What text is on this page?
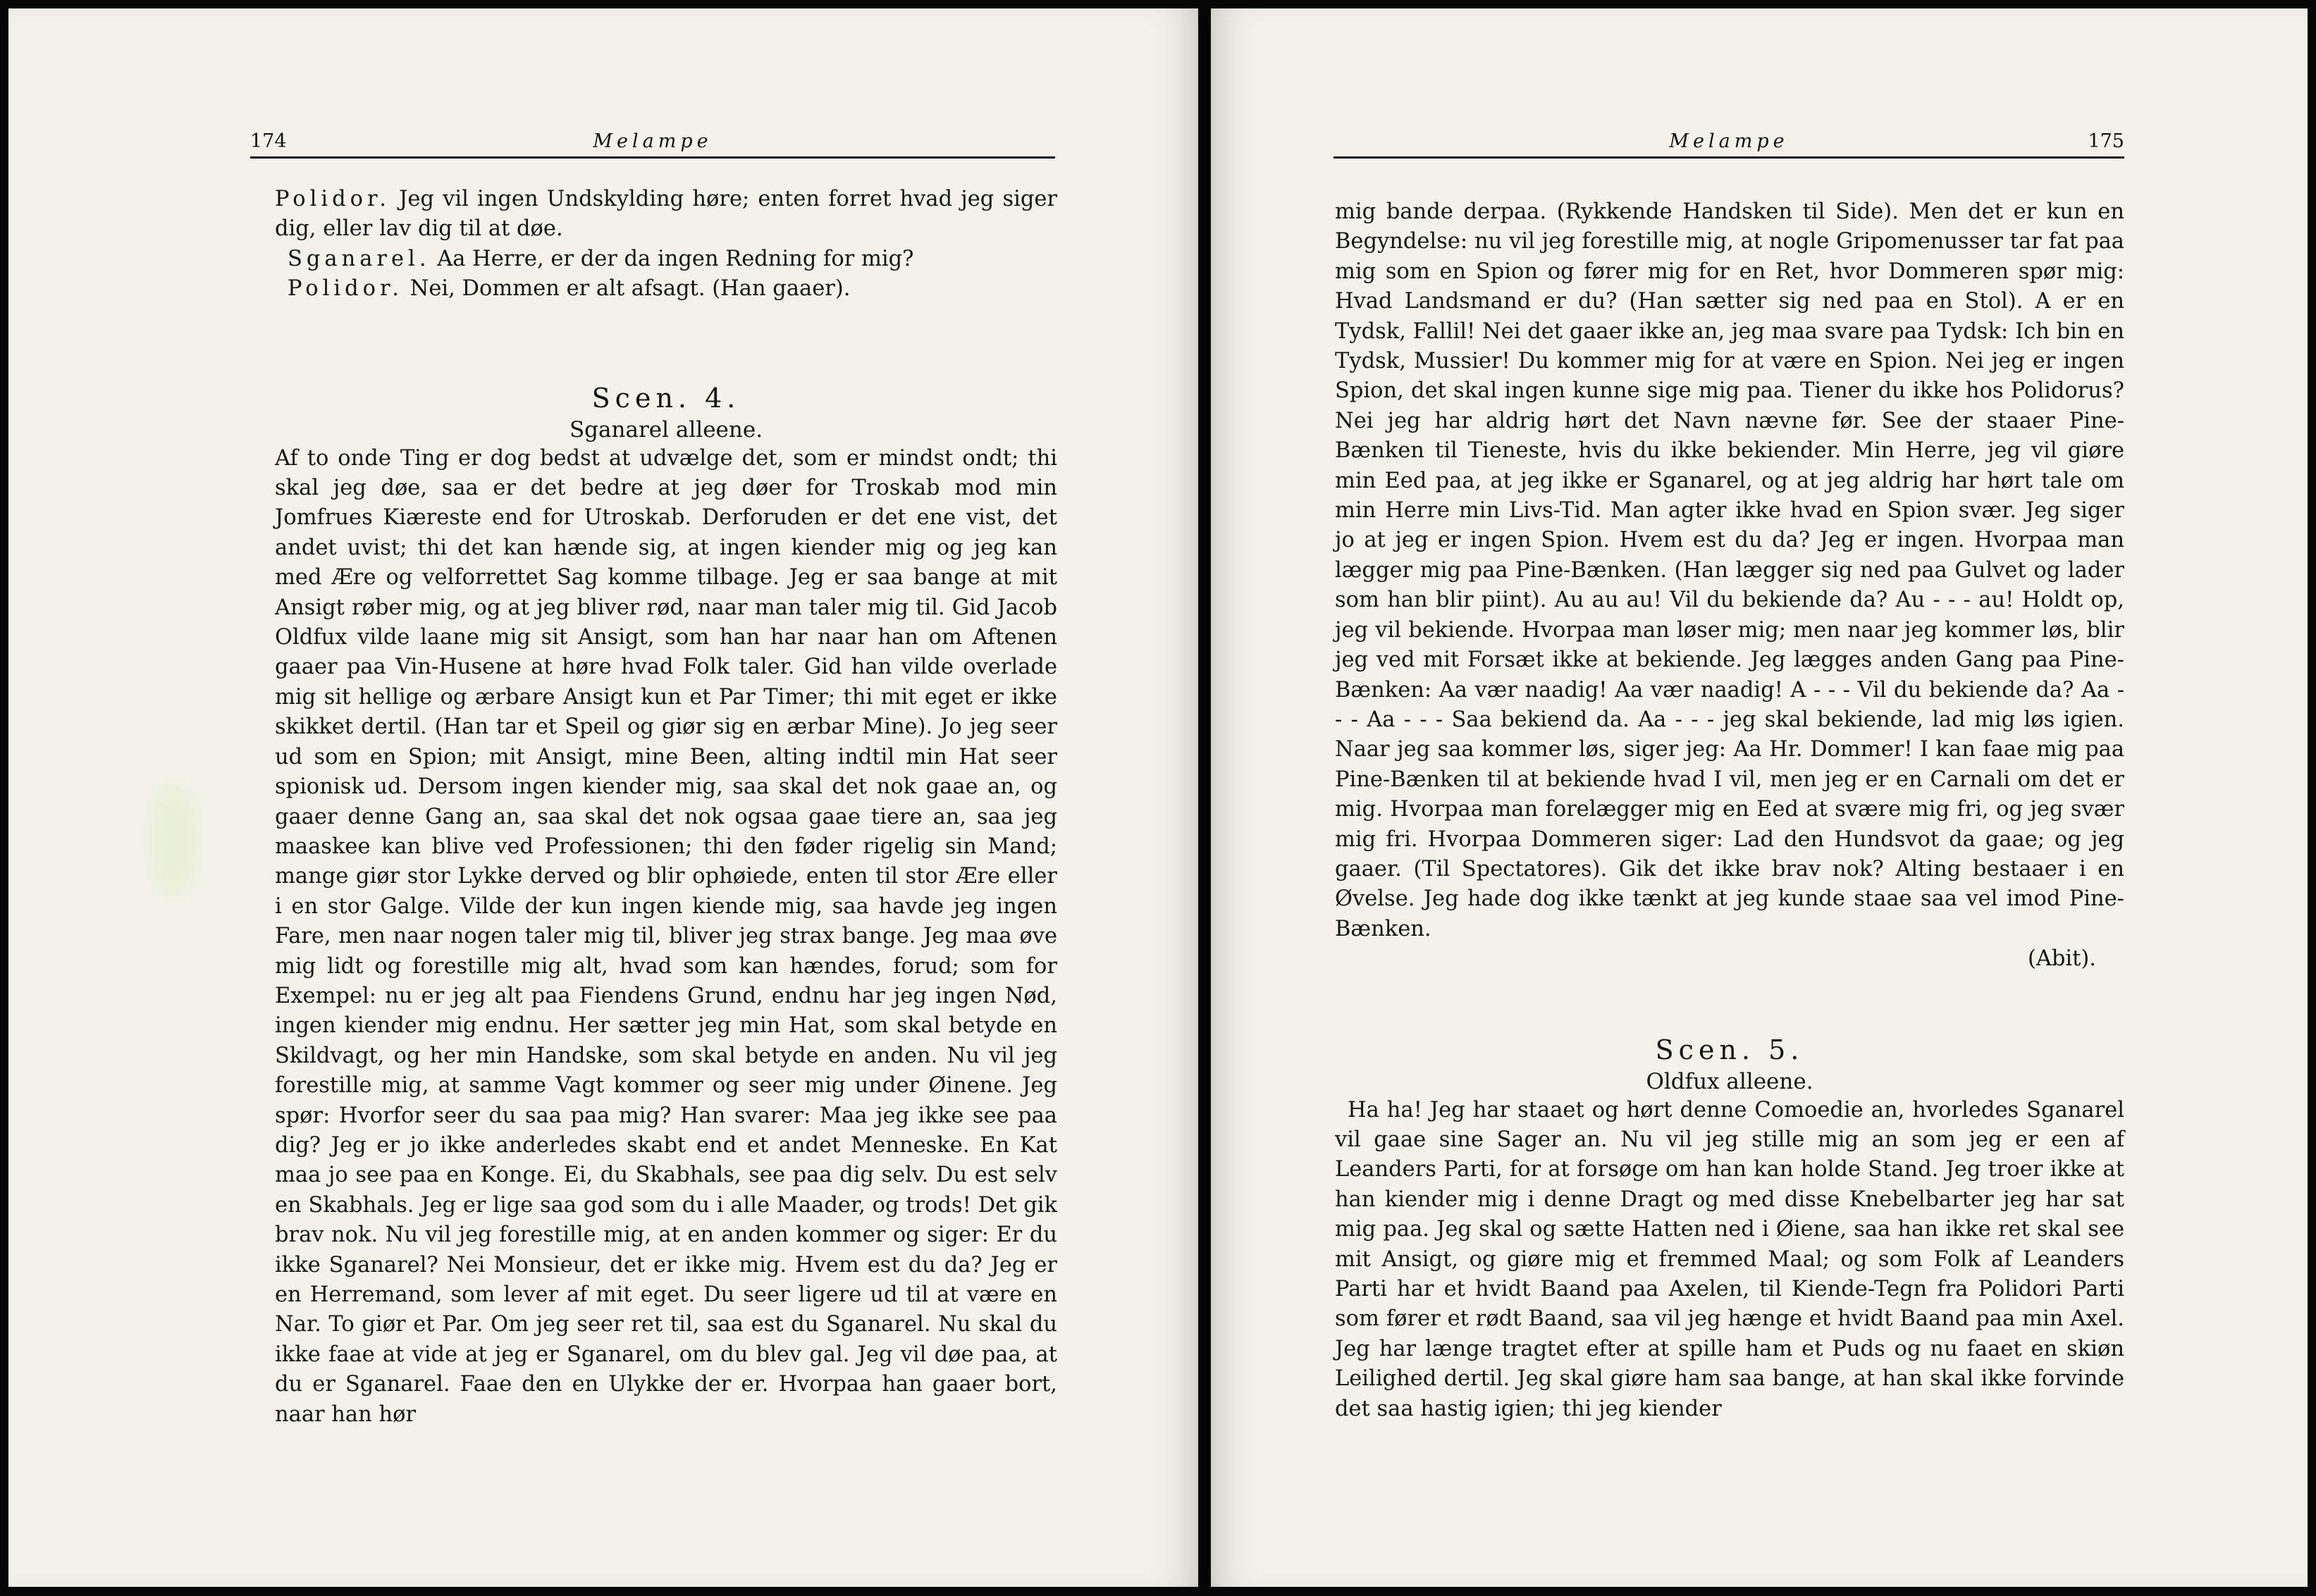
174	Melampe

Polidor. Jeg vil ingen Undskylding høre; enten forret hvad jeg siger dig, eller lav dig til at døe.

Sganarel. Aa Herre, er der da ingen Redning for mig?

Polidor. Nei, Dommen er alt afsagt. (Han gaaer).

Scen. 4.

Sganarel alleene.

Af to onde Ting er dog bedst at udvælge det, som er mindst ondt; thi skal jeg døe, saa er det bedre at jeg døer for Troskab mod min Jomfrues Kiæreste end for Utroskab. Derforuden er det ene vist, det andet uvist; thi det kan hænde sig, at ingen kiender mig og jeg kan med Ære og velforrettet Sag komme tilbage. Jeg er saa bange at mit Ansigt røber mig, og at jeg bliver rød, naar man taler mig til. Gid Jacob Oldfux vilde laane mig sit Ansigt, som han har naar han om Aftenen gaaer paa Vin-Husene at høre hvad Folk taler. Gid han vilde overlade mig sit hellige og ærbare Ansigt kun et Par Timer; thi mit eget er ikke skikket dertil. (Han tar et Speil og giør sig en ærbar Mine). Jo jeg seer ud som en Spion; mit Ansigt, mine Been, alting indtil min Hat seer spionisk ud. Dersom ingen kiender mig, saa skal det nok gaae an, og gaaer denne Gang an, saa skal det nok ogsaa gaae tiere an, saa jeg maaskee kan blive ved Professionen; thi den føder rigelig sin Mand; mange giør stor Lykke derved og blir ophøiede, enten til stor Ære eller i en stor Galge. Vilde der kun ingen kiende mig, saa havde jeg ingen Fare, men naar nogen taler mig til, bliver jeg strax bange. Jeg maa øve mig lidt og forestille mig alt, hvad som kan hændes, forud; som for Exempel: nu er jeg alt paa Fiendens Grund, endnu har jeg ingen Nød, ingen kiender mig endnu. Her sætter jeg min Hat, som skal betyde en Skildvagt, og her min Handske, som skal betyde en anden. Nu vil jeg forestille mig, at samme Vagt kommer og seer mig under Øinene. Jeg spør: Hvorfor seer du saa paa mig? Han svarer: Maa jeg ikke see paa dig? Jeg er jo ikke anderledes skabt end et andet Menneske. En Kat maa jo see paa en Konge. Ei, du Skabhals, see paa dig selv. Du est selv en Skabhals. Jeg er lige saa god som du i alle Maader, og trods! Det gik brav nok. Nu vil jeg forestille mig, at en anden kommer og siger: Er du ikke Sganarel? Nei Monsieur, det er ikke mig. Hvem est du da? Jeg er en Herremand, som lever af mit eget. Du seer ligere ud til at være en Nar. To giør et Par. Om jeg seer ret til, saa est du Sganarel. Nu skal du ikke faae at vide at jeg er Sganarel, om du blev gal. Jeg vil døe paa, at du er Sganarel. Faae den en Ulykke der er. Hvorpaa han gaaer bort, naar han hør

Melampe	175

mig bande derpaa. (Rykkende Handsken til Side). Men det er kun en Begyndelse: nu vil jeg forestille mig, at nogle Gripomenusser tar fat paa mig som en Spion og fører mig for en Ret, hvor Dommeren spør mig: Hvad Landsmand er du? (Han sætter sig ned paa en Stol). A er en Tydsk, Fallil! Nei det gaaer ikke an, jeg maa svare paa Tydsk: Ich bin en Tydsk, Mussier! Du kommer mig for at være en Spion. Nei jeg er ingen Spion, det skal ingen kunne sige mig paa. Tiener du ikke hos Polidorus? Nei jeg har aldrig hørt det Navn nævne før. See der staaer Pine-Bænken til Tieneste, hvis du ikke bekiender. Min Herre, jeg vil giøre min Eed paa, at jeg ikke er Sganarel, og at jeg aldrig har hørt tale om min Herre min Livs-Tid. Man agter ikke hvad en Spion svær. Jeg siger jo at jeg er ingen Spion. Hvem est du da? Jeg er ingen. Hvorpaa man lægger mig paa Pine-Bænken. (Han lægger sig ned paa Gulvet og lader som han blir piint). Au au au! Vil du bekiende da? Au - - - au! Holdt op, jeg vil bekiende. Hvorpaa man løser mig; men naar jeg kommer løs, blir jeg ved mit Forsæt ikke at bekiende. Jeg lægges anden Gang paa Pine-Bænken: Aa vær naadig! Aa vær naadig! A - - - Vil du bekiende da? Aa - - - Aa - - - Saa bekiend da. Aa - - - jeg skal bekiende, lad mig løs igien. Naar jeg saa kommer løs, siger jeg: Aa Hr. Dommer! I kan faae mig paa Pine-Bænken til at bekiende hvad I vil, men jeg er en Carnali om det er mig. Hvorpaa man forelægger mig en Eed at svære mig fri, og jeg svær mig fri. Hvorpaa Dommeren siger: Lad den Hundsvot da gaae; og jeg gaaer. (Til Spectatores). Gik det ikke brav nok? Alting bestaaer i en Øvelse. Jeg hade dog ikke tænkt at jeg kunde staae saa vel imod Pine-Bænken.

(Abit).

Scen. 5.

Oldfux alleene.

Ha ha! Jeg har staaet og hørt denne Comoedie an, hvorledes Sganarel vil gaae sine Sager an. Nu vil jeg stille mig an som jeg er een af Leanders Parti, for at forsøge om han kan holde Stand. Jeg troer ikke at han kiender mig i denne Dragt og med disse Knebelbarter jeg har sat mig paa. Jeg skal og sætte Hatten ned i Øiene, saa han ikke ret skal see mit Ansigt, og giøre mig et fremmed Maal; og som Folk af Leanders Parti har et hvidt Baand paa Axelen, til Kiende-Tegn fra Polidori Parti som fører et rødt Baand, saa vil jeg hænge et hvidt Baand paa min Axel. Jeg har længe tragtet efter at spille ham et Puds og nu faaet en skiøn Leilighed dertil. Jeg skal giøre ham saa bange, at han skal ikke forvinde det saa hastig igien; thi jeg kiender
